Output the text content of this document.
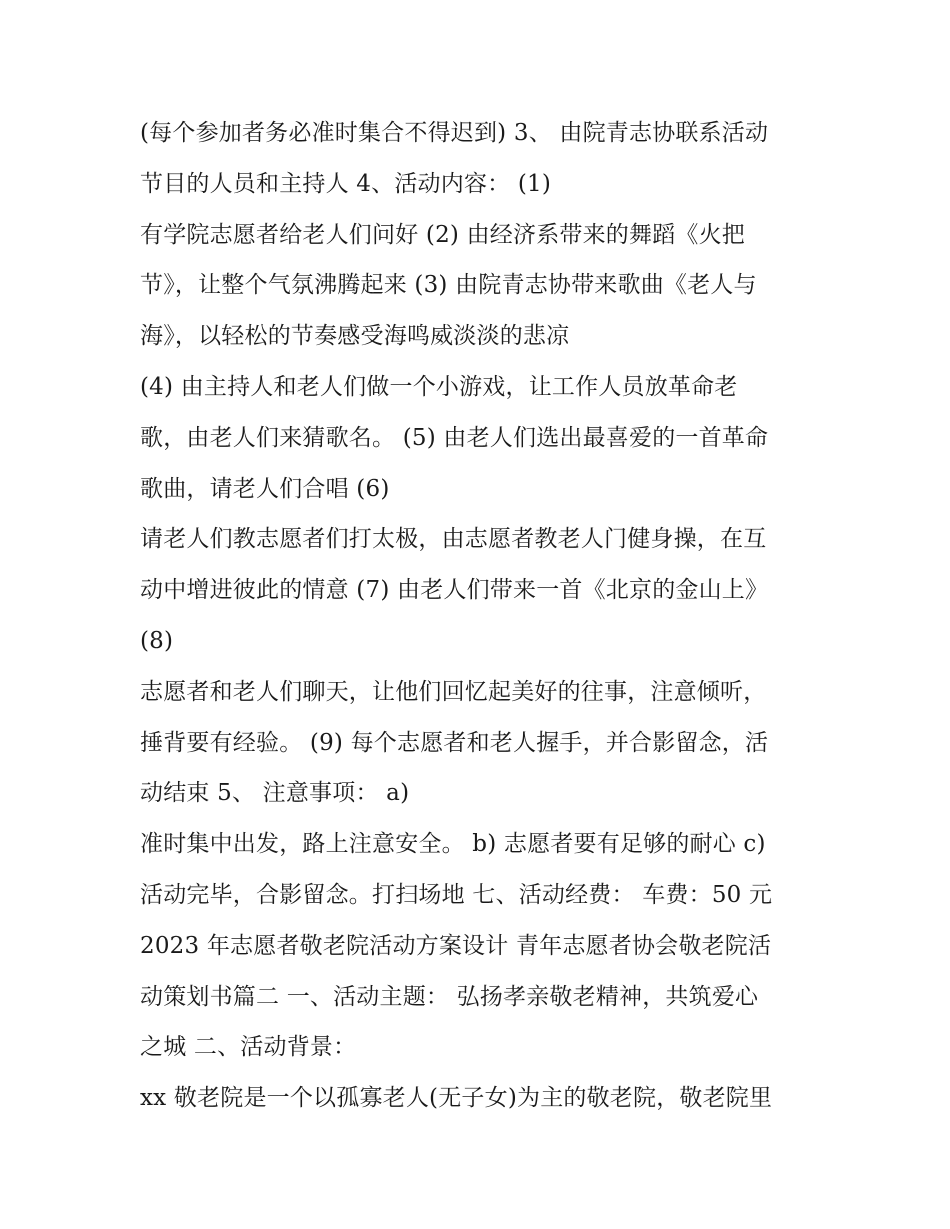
(每个参加者务必准时集合不得迟到) 3、 由院青志协联系活动
节目的人员和主持人 4、活动内容： (1)
有学院志愿者给老人们问好 (2) 由经济系带来的舞蹈《火把
节》，让整个气氛沸腾起来 (3) 由院青志协带来歌曲《老人与
海》，以轻松的节奏感受海鸣威淡淡的悲凉
(4) 由主持人和老人们做一个小游戏，让工作人员放革命老
歌，由老人们来猜歌名。 (5) 由老人们选出最喜爱的一首革命
歌曲，请老人们合唱 (6)
请老人们教志愿者们打太极，由志愿者教老人门健身操，在互
动中增进彼此的情意 (7) 由老人们带来一首《北京的金山上》
(8)
志愿者和老人们聊天，让他们回忆起美好的往事，注意倾听，
捶背要有经验。 (9) 每个志愿者和老人握手，并合影留念，活
动结束 5、 注意事项： a)
准时集中出发，路上注意安全。 b) 志愿者要有足够的耐心 c)
活动完毕，合影留念。打扫场地 七、活动经费： 车费：50 元
2023 年志愿者敬老院活动方案设计 青年志愿者协会敬老院活
动策划书篇二 一、活动主题： 弘扬孝亲敬老精神，共筑爱心
之城 二、活动背景：
xx 敬老院是一个以孤寡老人(无子女)为主的敬老院，敬老院里
